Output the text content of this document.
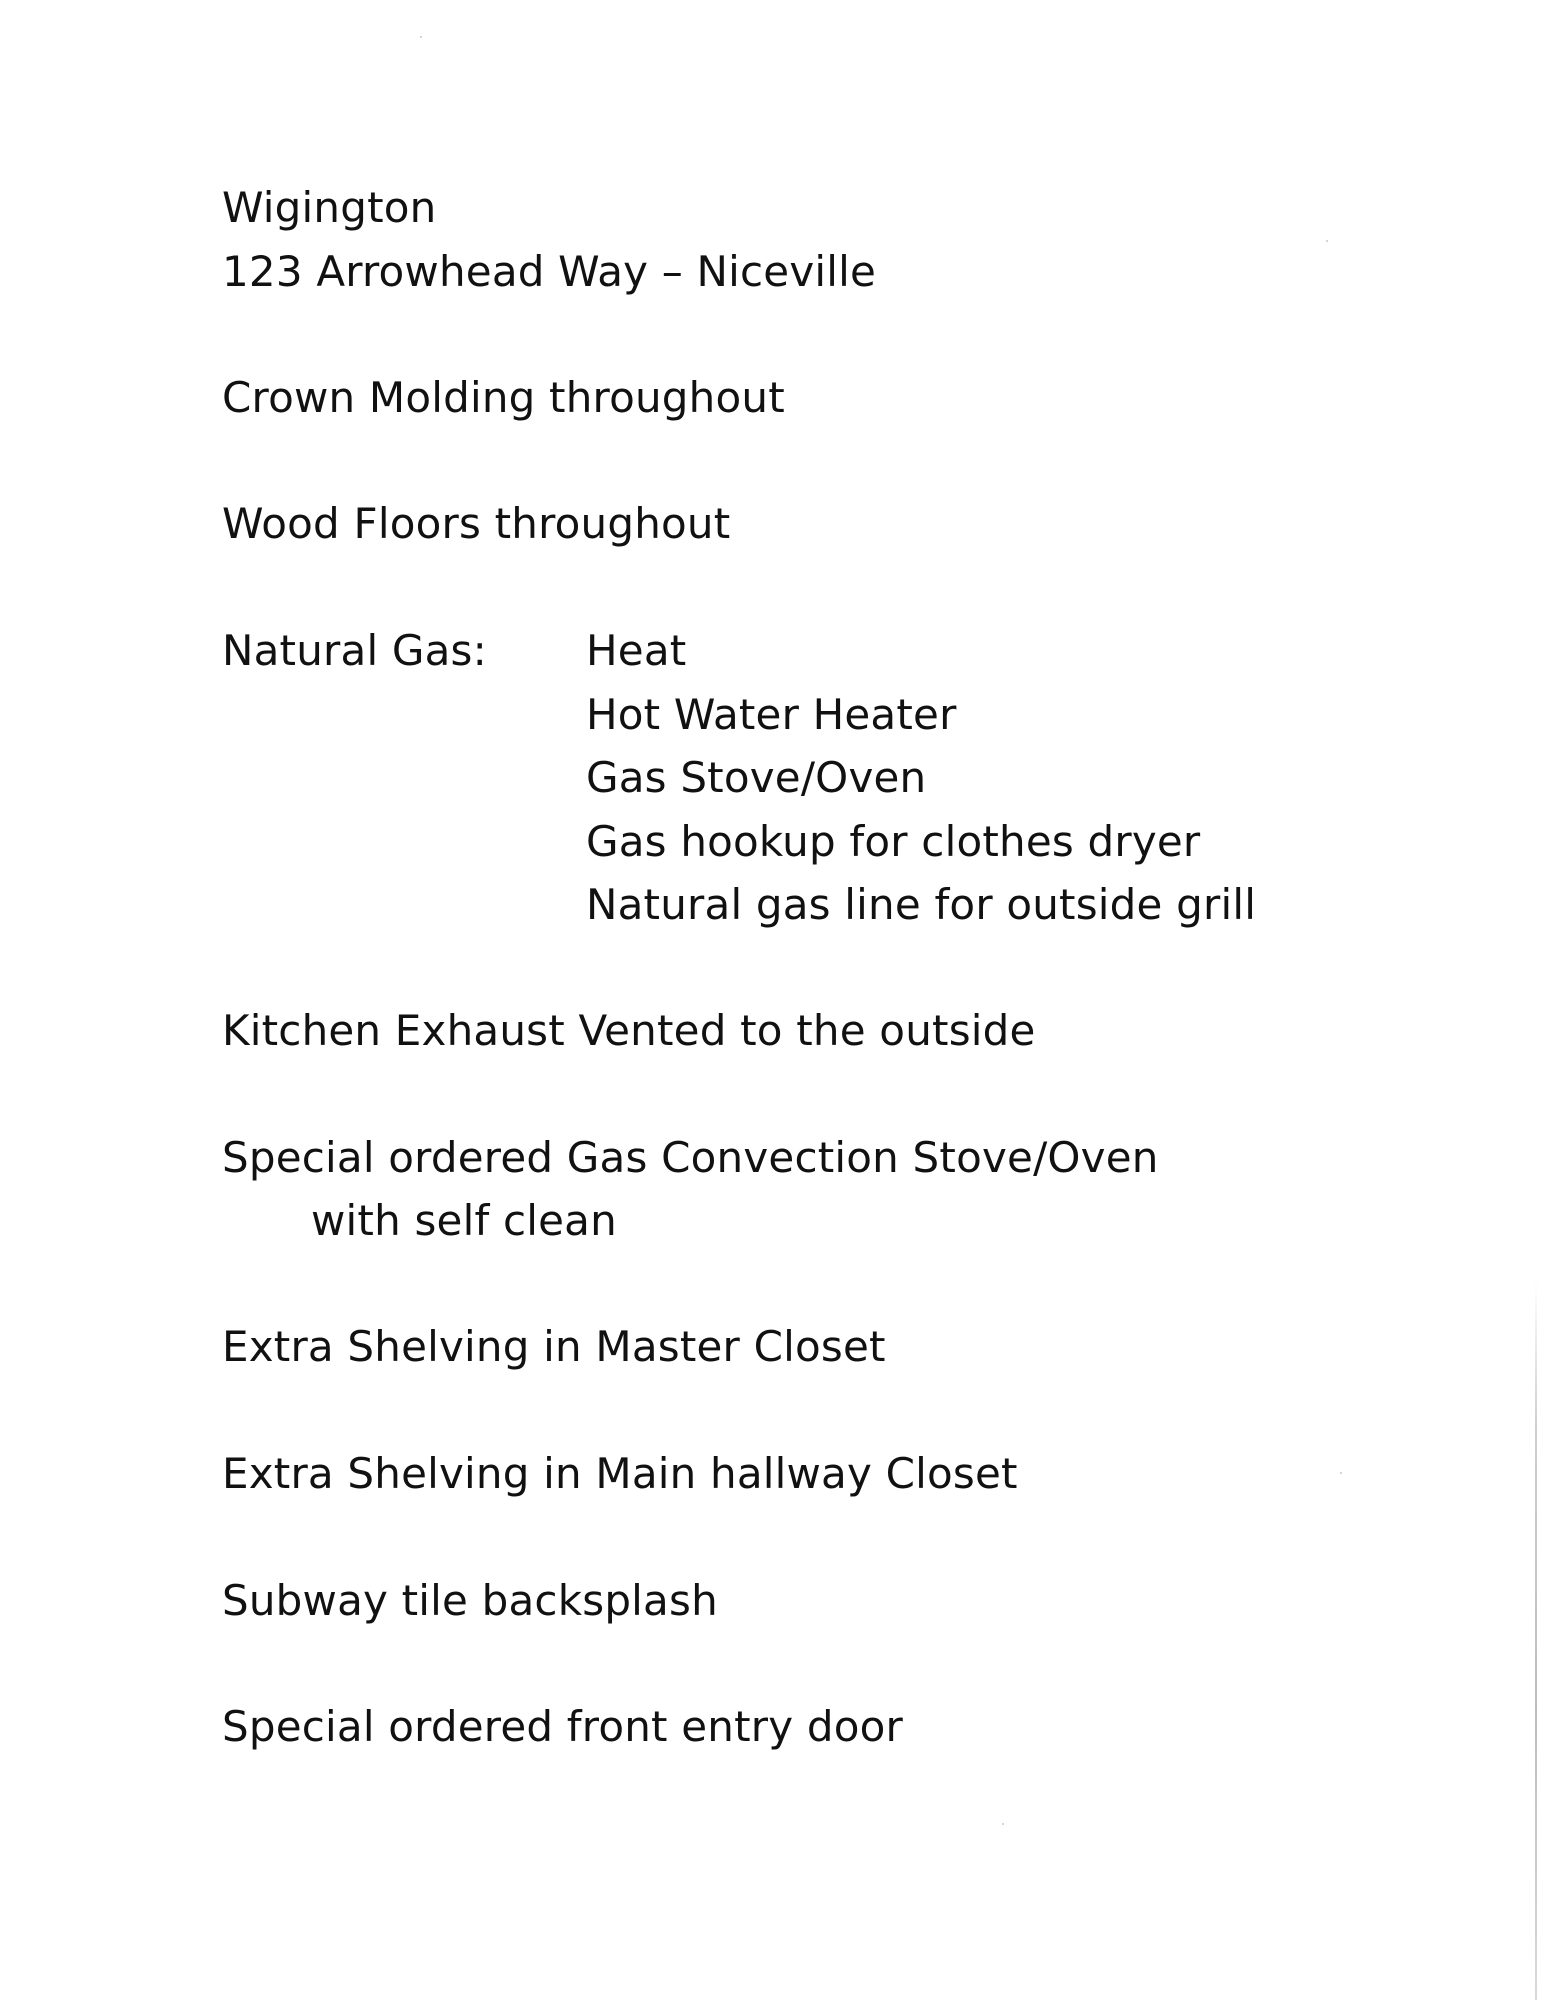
Wigington
123 Arrowhead Way – Niceville
Crown Molding throughout
Wood Floors throughout
Natural Gas: Heat
Hot Water Heater
Gas Stove/Oven
Gas hookup for clothes dryer
Natural gas line for outside grill
Kitchen Exhaust Vented to the outside
Special ordered Gas Convection Stove/Oven
with self clean
Extra Shelving in Master Closet
Extra Shelving in Main hallway Closet
Subway tile backsplash
Special ordered front entry door
